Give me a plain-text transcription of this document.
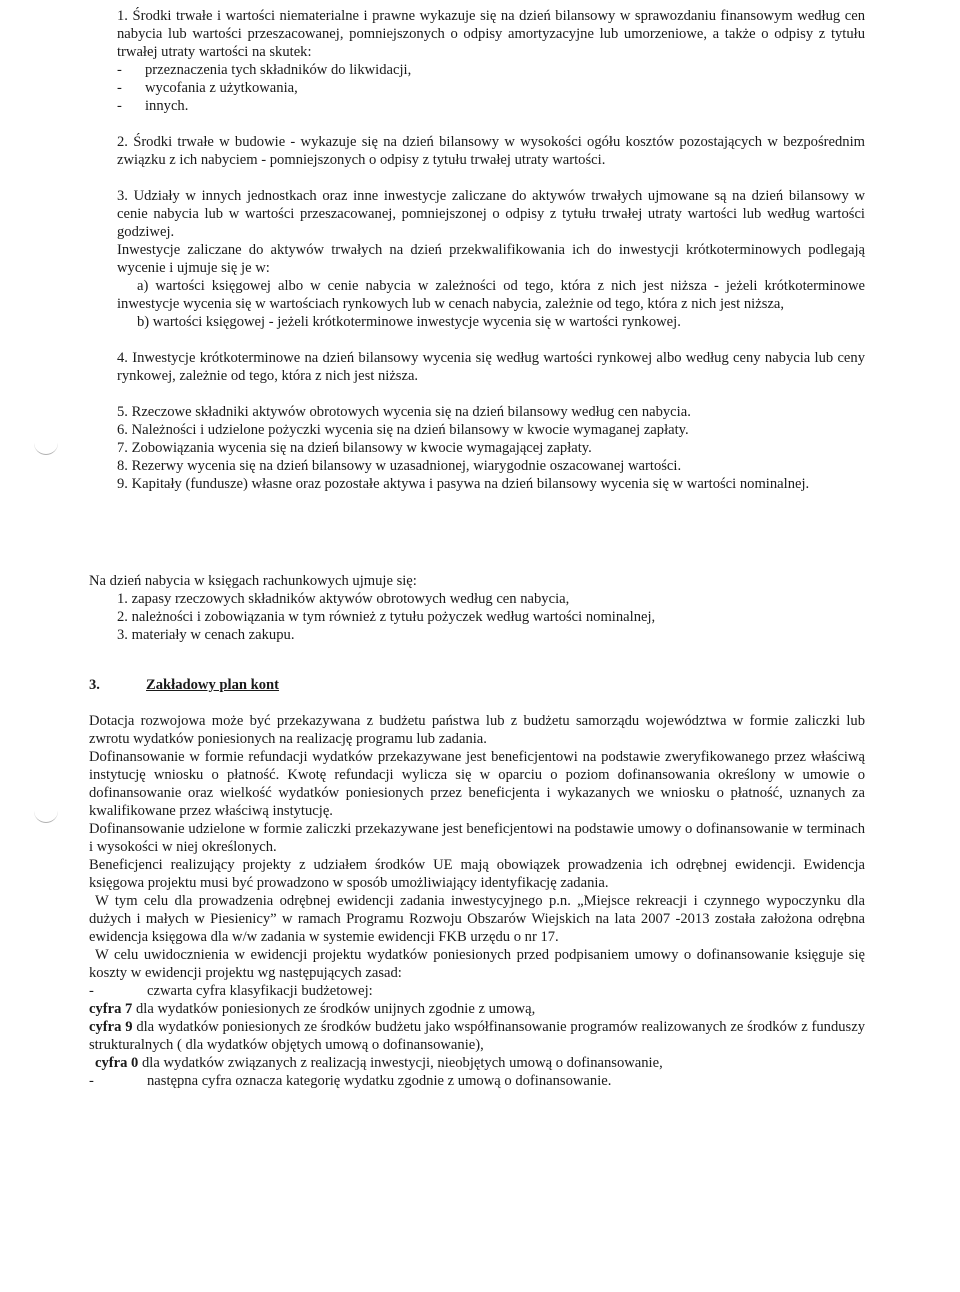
1. Środki trwałe i wartości niematerialne i prawne wykazuje się na dzień bilansowy w sprawozdaniu finansowym według cen nabycia lub wartości przeszacowanej, pomniejszonych o odpisy amortyzacyjne lub umorzeniowe, a także o odpisy z tytułu trwałej utraty wartości na skutek:

- przeznaczenia tych składników do likwidacji,

- wycofania z użytkowania,

- innych.

2. Środki trwałe w budowie - wykazuje się na dzień bilansowy w wysokości ogółu kosztów pozostających w bezpośrednim związku z ich nabyciem - pomniejszonych o odpisy z tytułu trwałej utraty wartości.

3. Udziały w innych jednostkach oraz inne inwestycje zaliczane do aktywów trwałych ujmowane są na dzień bilansowy w cenie nabycia lub w wartości przeszacowanej, pomniejszonej o odpisy z tytułu trwałej utraty wartości lub według wartości godziwej.

Inwestycje zaliczane do aktywów trwałych na dzień przekwalifikowania ich do inwestycji krótkoterminowych podlegają wycenie i ujmuje się je w:

a) wartości księgowej albo w cenie nabycia w zależności od tego, która z nich jest niższa - jeżeli krótkoterminowe inwestycje wycenia się w wartościach rynkowych lub w cenach nabycia, zależnie od tego, która z nich jest niższa,

b) wartości księgowej - jeżeli krótkoterminowe inwestycje wycenia się w wartości rynkowej.

4. Inwestycje krótkoterminowe na dzień bilansowy wycenia się według wartości rynkowej albo według ceny nabycia lub ceny rynkowej, zależnie od tego, która z nich jest niższa.

5. Rzeczowe składniki aktywów obrotowych wycenia się na dzień bilansowy według cen nabycia.

6. Należności i udzielone pożyczki wycenia się na dzień bilansowy w kwocie wymaganej zapłaty.

7. Zobowiązania wycenia się na dzień bilansowy w kwocie wymagającej zapłaty.

8. Rezerwy wycenia się na dzień bilansowy w uzasadnionej, wiarygodnie oszacowanej wartości.

9. Kapitały (fundusze) własne oraz pozostałe aktywa i pasywa na dzień bilansowy wycenia się w wartości nominalnej.

Na dzień nabycia w księgach rachunkowych ujmuje się:

1. zapasy rzeczowych składników aktywów obrotowych według cen nabycia,

2. należności i zobowiązania w tym również z tytułu pożyczek według wartości nominalnej,

3. materiały w cenach zakupu.

3.	Zakładowy plan kont

Dotacja rozwojowa może być przekazywana z budżetu państwa lub z budżetu samorządu województwa w formie zaliczki lub zwrotu wydatków poniesionych na realizację programu lub zadania.

Dofinansowanie w formie refundacji wydatków przekazywane jest beneficjentowi na podstawie zweryfikowanego przez właściwą instytucję wniosku o płatność. Kwotę refundacji wylicza się w oparciu o poziom dofinansowania określony w umowie o dofinansowanie oraz wielkość wydatków poniesionych przez beneficjenta i wykazanych we wniosku o płatność, uznanych za kwalifikowane przez właściwą instytucję.

Dofinansowanie udzielone w formie zaliczki przekazywane jest beneficjentowi na podstawie umowy o dofinansowanie w terminach i wysokości w niej określonych.

Beneficjenci realizujący projekty z udziałem środków UE mają obowiązek prowadzenia ich odrębnej ewidencji. Ewidencja księgowa projektu musi być prowadzono w sposób umożliwiający identyfikację zadania.

W tym celu dla prowadzenia odrębnej ewidencji zadania inwestycyjnego p.n. „Miejsce rekreacji i czynnego wypoczynku dla dużych i małych w Piesienicy” w ramach Programu Rozwoju Obszarów Wiejskich na lata 2007 -2013 została założona odrębna ewidencja księgowa dla w/w zadania w systemie ewidencji FKB urzędu o nr 17.

W celu uwidocznienia w ewidencji projektu wydatków poniesionych przed podpisaniem umowy o dofinansowanie księguje się koszty w ewidencji projektu wg następujących zasad:

- czwarta cyfra klasyfikacji budżetowej:

cyfra 7 dla wydatków poniesionych ze środków unijnych zgodnie z umową,

cyfra 9 dla wydatków poniesionych ze środków budżetu jako współfinansowanie programów realizowanych ze środków z funduszy strukturalnych ( dla wydatków objętych umową o dofinansowanie),

cyfra 0 dla wydatków związanych z realizacją inwestycji, nieobjętych umową o dofinansowanie,

- następna cyfra oznacza kategorię wydatku zgodnie z umową o dofinansowanie.
